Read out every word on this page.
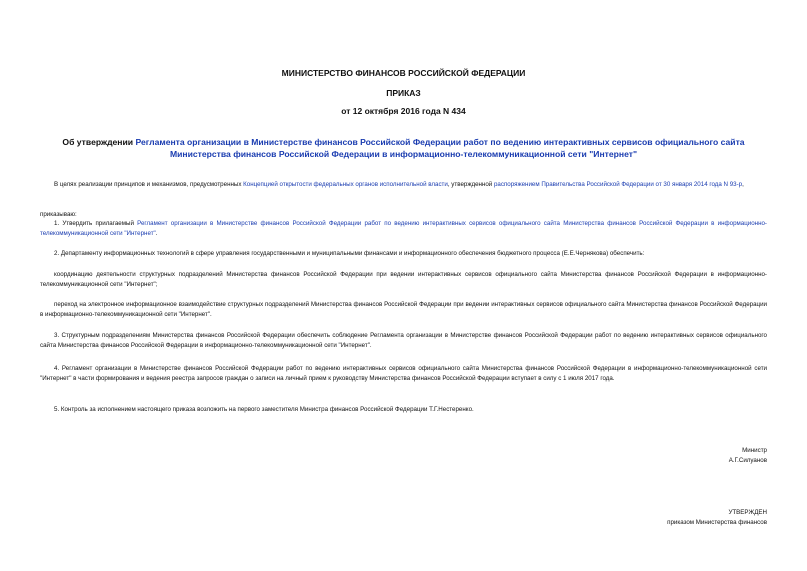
МИНИСТЕРСТВО ФИНАНСОВ РОССИЙСКОЙ ФЕДЕРАЦИИ
ПРИКАЗ
от 12 октября 2016 года N 434
Об утверждении Регламента организации в Министерстве финансов Российской Федерации работ по ведению интерактивных сервисов официального сайта Министерства финансов Российской Федерации в информационно-телекоммуникационной сети "Интернет"
В целях реализации принципов и механизмов, предусмотренных Концепцией открытости федеральных органов исполнительной власти, утвержденной распоряжением Правительства Российской Федерации от 30 января 2014 года N 93-р,
приказываю:
1. Утвердить прилагаемый Регламент организации в Министерстве финансов Российской Федерации работ по ведению интерактивных сервисов официального сайта Министерства финансов Российской Федерации в информационно-телекоммуникационной сети "Интернет".
2. Департаменту информационных технологий в сфере управления государственными и муниципальными финансами и информационного обеспечения бюджетного процесса (Е.Е.Чернякова) обеспечить:
координацию деятельности структурных подразделений Министерства финансов Российской Федерации при ведении интерактивных сервисов официального сайта Министерства финансов Российской Федерации в информационно-телекоммуникационной сети "Интернет";
переход на электронное информационное взаимодействие структурных подразделений Министерства финансов Российской Федерации при ведении интерактивных сервисов официального сайта Министерства финансов Российской Федерации в информационно-телекоммуникационной сети "Интернет".
3. Структурным подразделениям Министерства финансов Российской Федерации обеспечить соблюдение Регламента организации в Министерстве финансов Российской Федерации работ по ведению интерактивных сервисов официального сайта Министерства финансов Российской Федерации в информационно-телекоммуникационной сети "Интернет".
4. Регламент организации в Министерстве финансов Российской Федерации работ по ведению интерактивных сервисов официального сайта Министерства финансов Российской Федерации в информационно-телекоммуникационной сети "Интернет" в части формирования и ведения реестра запросов граждан о записи на личный прием к руководству Министерства финансов Российской Федерации вступает в силу с 1 июля 2017 года.
5. Контроль за исполнением настоящего приказа возложить на первого заместителя Министра финансов Российской Федерации Т.Г.Нестеренко.
Министр
А.Г.Силуанов
УТВЕРЖДЕН
приказом Министерства финансов
